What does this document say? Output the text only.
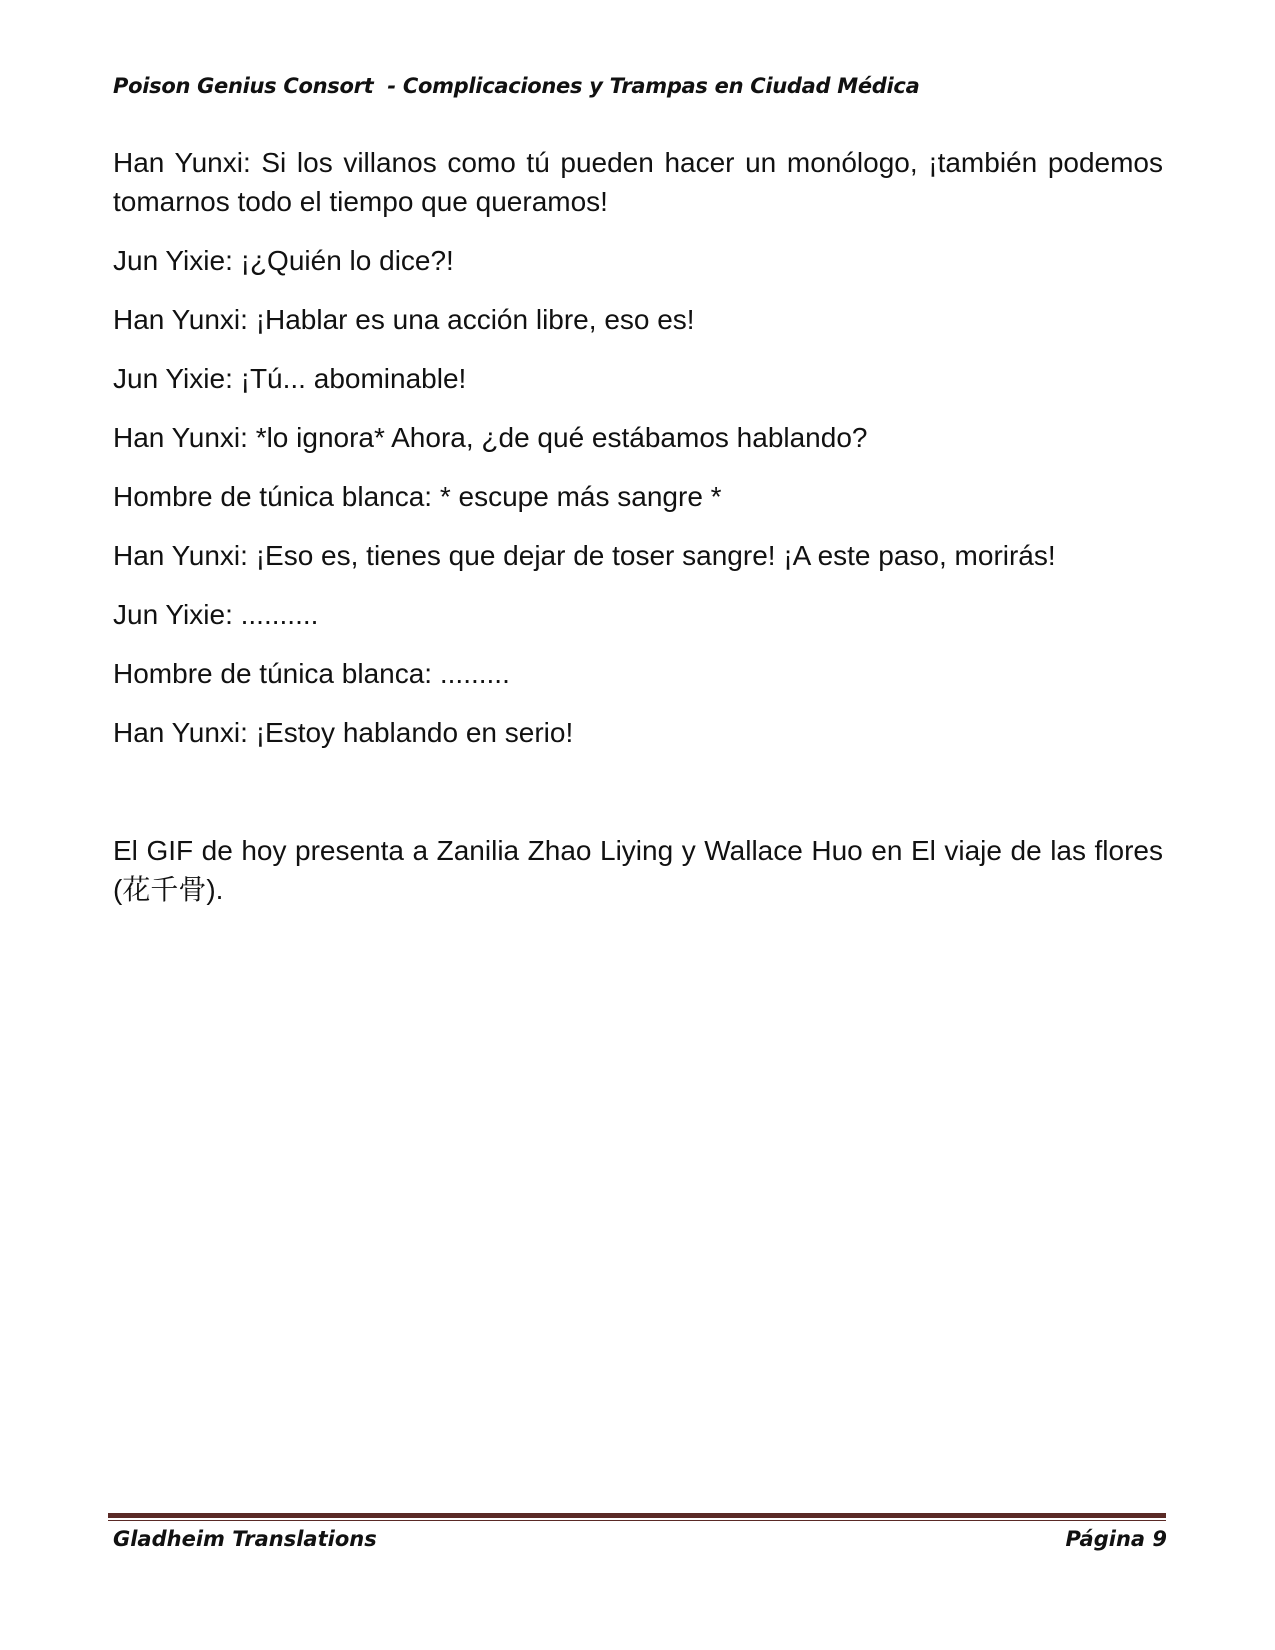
Poison Genius Consort  - Complicaciones y Trampas en Ciudad Médica

Han Yunxi: Si los villanos como tú pueden hacer un monólogo, ¡también podemos tomarnos todo el tiempo que queramos!

Jun Yixie: ¡¿Quién lo dice?!

Han Yunxi: ¡Hablar es una acción libre, eso es!

Jun Yixie: ¡Tú... abominable!

Han Yunxi: *lo ignora* Ahora, ¿de qué estábamos hablando?

Hombre de túnica blanca: * escupe más sangre *

Han Yunxi: ¡Eso es, tienes que dejar de toser sangre! ¡A este paso, morirás!

Jun Yixie: ..........

Hombre de túnica blanca: .........

Han Yunxi: ¡Estoy hablando en serio!

El GIF de hoy presenta a Zanilia Zhao Liying y Wallace Huo en El viaje de las flores (花千骨).

Gladheim Translations	Página 9
